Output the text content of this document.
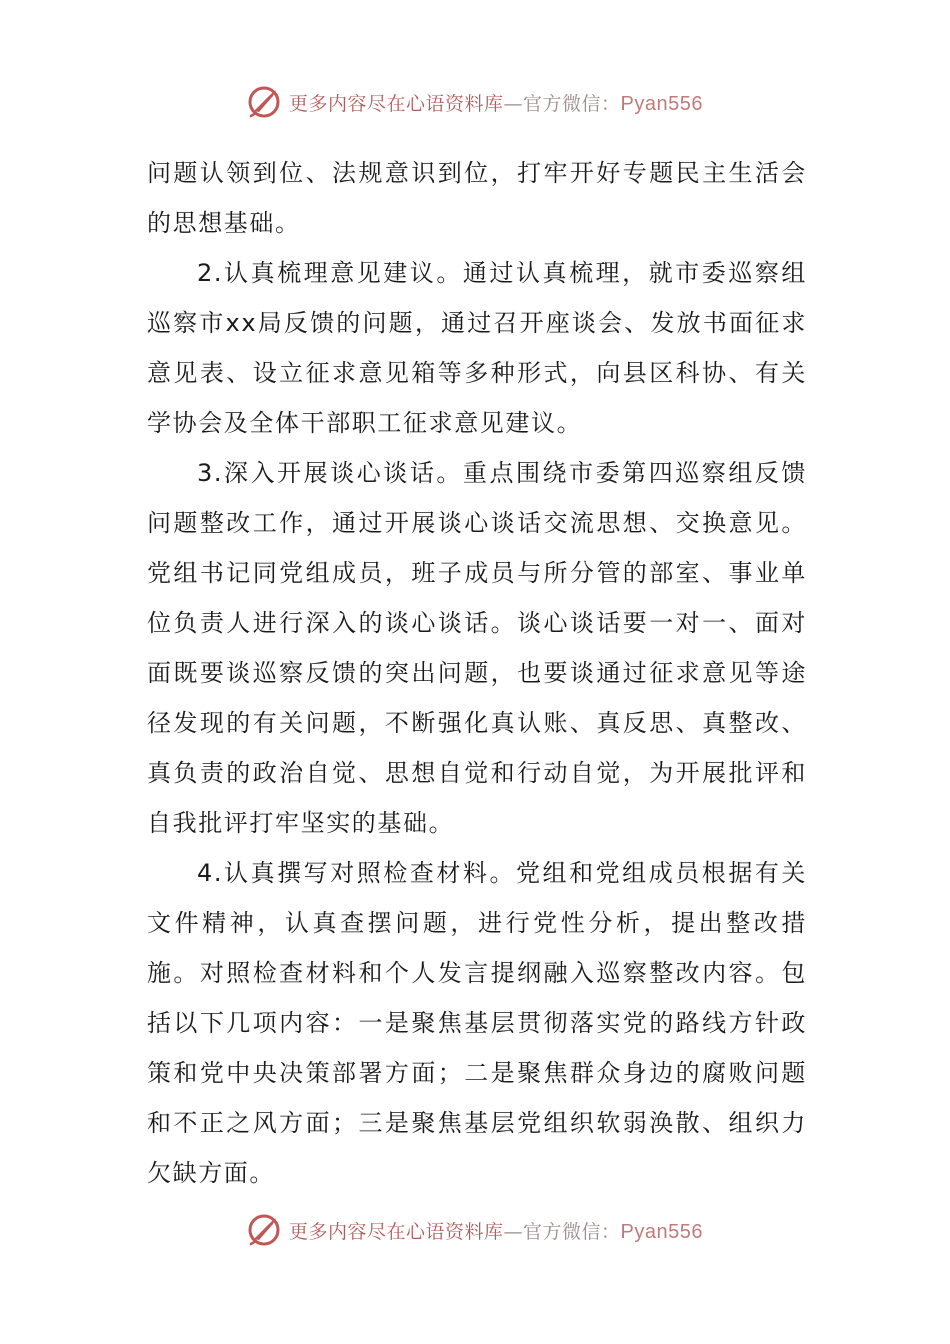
更多内容尽在心语资料库—官方微信：Pyan556

问题认领到位、法规意识到位，打牢开好专题民主生活会的思想基础。

2.认真梳理意见建议。通过认真梳理，就市委巡察组巡察市xx局反馈的问题，通过召开座谈会、发放书面征求意见表、设立征求意见箱等多种形式，向县区科协、有关学协会及全体干部职工征求意见建议。

3.深入开展谈心谈话。重点围绕市委第四巡察组反馈问题整改工作，通过开展谈心谈话交流思想、交换意见。党组书记同党组成员，班子成员与所分管的部室、事业单位负责人进行深入的谈心谈话。谈心谈话要一对一、面对面既要谈巡察反馈的突出问题，也要谈通过征求意见等途径发现的有关问题，不断强化真认账、真反思、真整改、真负责的政治自觉、思想自觉和行动自觉，为开展批评和自我批评打牢坚实的基础。

4.认真撰写对照检查材料。党组和党组成员根据有关文件精神，认真查摆问题，进行党性分析，提出整改措施。对照检查材料和个人发言提纲融入巡察整改内容。包括以下几项内容：一是聚焦基层贯彻落实党的路线方针政策和党中央决策部署方面；二是聚焦群众身边的腐败问题和不正之风方面；三是聚焦基层党组织软弱涣散、组织力欠缺方面。

更多内容尽在心语资料库—官方微信：Pyan556
